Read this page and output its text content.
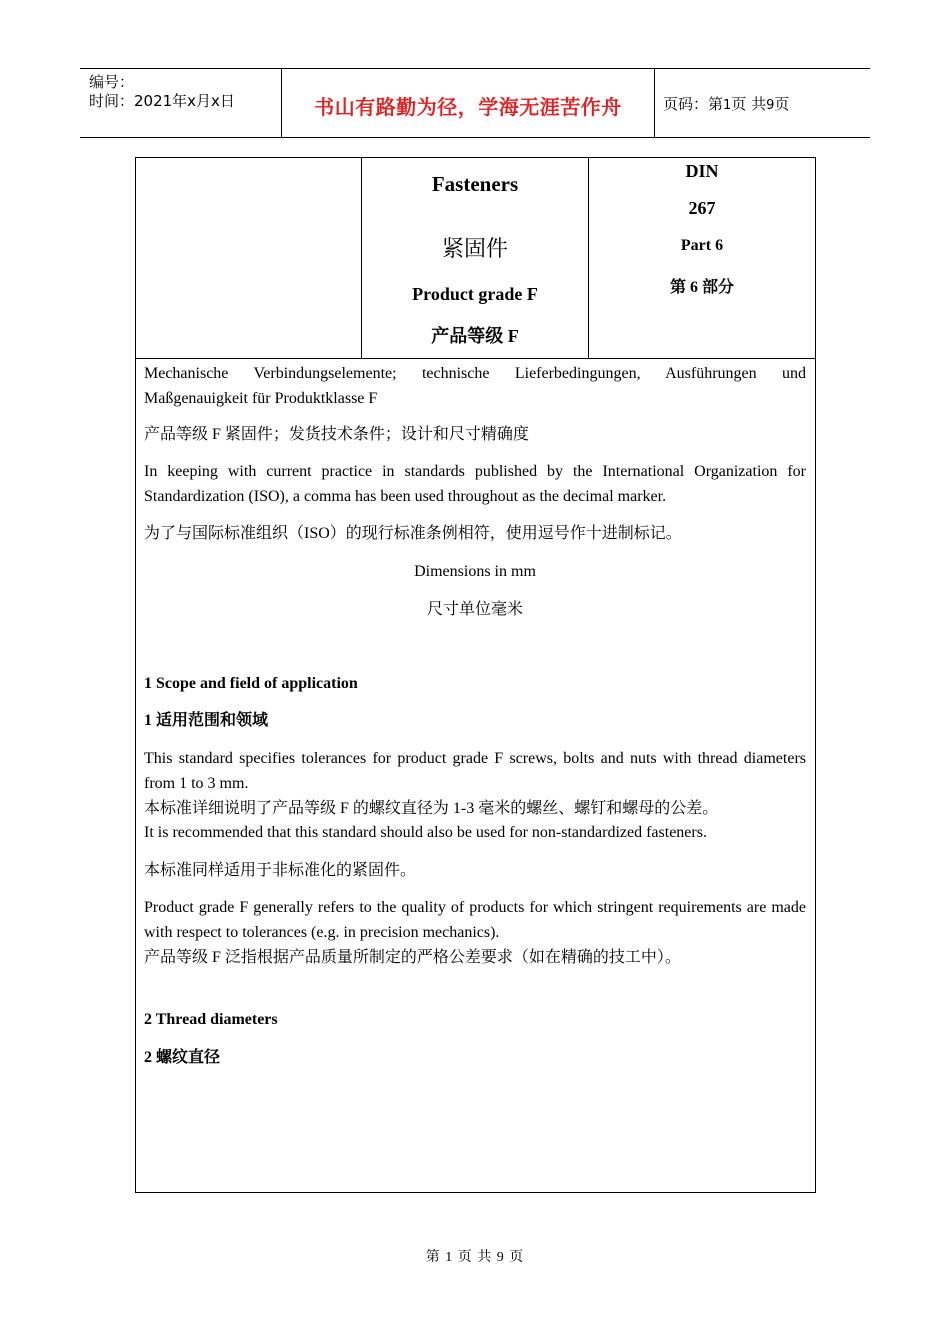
编号：
时间：2021年x月x日	书山有路勤为径，学海无涯苦作舟	页码：第1页 共9页
Fasteners
紧固件
Product grade F
产品等级 F
DIN
267
Part 6
第 6 部分
Mechanische Verbindungselemente; technische Lieferbedingungen, Ausführungen und Maßgenauigkeit für Produktklasse F
产品等级 F 紧固件；发货技术条件；设计和尺寸精确度
In keeping with current practice in standards published by the International Organization for Standardization (ISO), a comma has been used throughout as the decimal marker.
为了与国际标准组织（ISO）的现行标准条例相符，使用逗号作十进制标记。
Dimensions in mm
尺寸单位毫米
1 Scope and field of application
1 适用范围和领域
This standard specifies tolerances for product grade F screws, bolts and nuts with thread diameters from 1 to 3 mm.
本标准详细说明了产品等级 F 的螺纹直径为 1-3 毫米的螺丝、螺钉和螺母的公差。
It is recommended that this standard should also be used for non-standardized fasteners.
本标准同样适用于非标准化的紧固件。
Product grade F generally refers to the quality of products for which stringent requirements are made with respect to tolerances (e.g. in precision mechanics).
产品等级 F 泛指根据产品质量所制定的严格公差要求（如在精确的技工中）。
2 Thread diameters
2 螺纹直径
第 1 页 共 9 页
